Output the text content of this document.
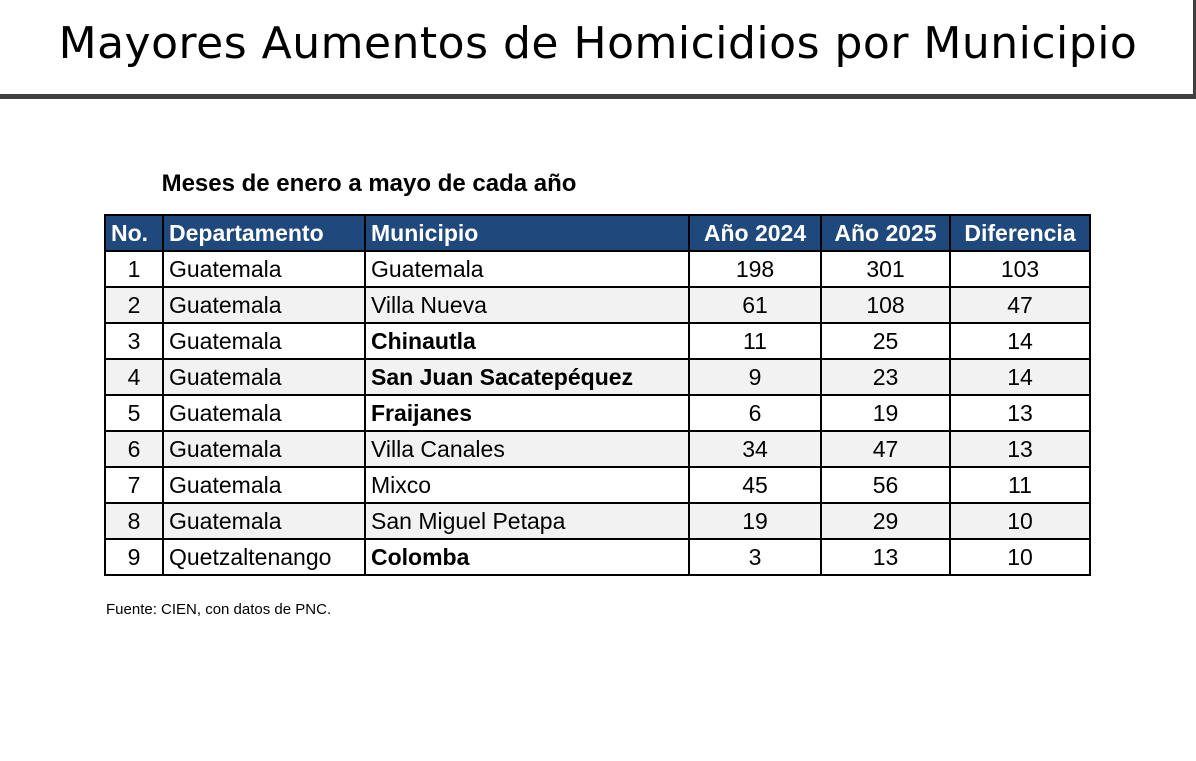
Mayores Aumentos de Homicidios por Municipio
Meses de enero a mayo de cada año
No.	Departamento	Municipio	Año 2024	Año 2025	Diferencia
1	Guatemala	Guatemala	198	301	103
2	Guatemala	Villa Nueva	61	108	47
3	Guatemala	Chinautla	11	25	14
4	Guatemala	San Juan Sacatepéquez	9	23	14
5	Guatemala	Fraijanes	6	19	13
6	Guatemala	Villa Canales	34	47	13
7	Guatemala	Mixco	45	56	11
8	Guatemala	San Miguel Petapa	19	29	10
9	Quetzaltenango	Colomba	3	13	10
Fuente: CIEN, con datos de PNC.
